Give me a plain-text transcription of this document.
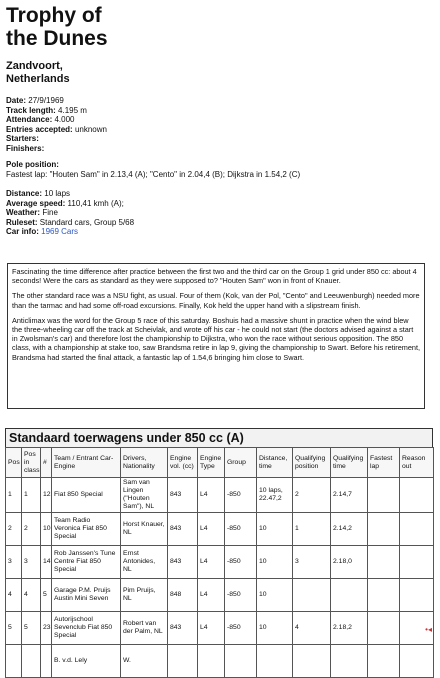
Trophy of
the Dunes
Zandvoort,
Netherlands
Date: 27/9/1969
Track length: 4.195 m
Attendance: 4.000
Entries accepted: unknown
Starters:
Finishers:
Pole position:
Fastest lap: "Houten Sam" in 2.13,4 (A); "Cento" in 2.04,4 (B); Dijkstra in 1.54,2 (C)
Distance: 10 laps
Average speed: 110,41 kmh (A);
Weather: Fine
Ruleset: Standard cars, Group 5/68
Car info: 1969 Cars

Fascinating the time difference after practice between the first two and the third car on the Group 1 grid under 850 cc: about 4 seconds! Were the cars as standard as they were supposed to? "Houten Sam" won in front of Knauer.

The other standard race was a NSU fight, as usual. Four of them (Kok, van der Pol, "Cento" and Leeuwenburgh) needed more than the tarmac and had some off-road excursions. Finally, Kok held the upper hand with a slipstream finish.

Anticlimax was the word for the Group 5 race of this saturday. Boshuis had a massive shunt in practice when the wind blew the three-wheeling car off the track at Scheivlak, and wrote off his car - he could not start (the doctors advised against a start in Zwolsman's car) and therefore lost the championship to Dijkstra, who won the race without serious opposition. The 850 class, with a championship at stake too, saw Brandsma retire in lap 9, giving the championship to Swart. Before his retirement, Brandsma had started the final attack, a fantastic lap of 1.54,6 bringing him close to Swart.

Standaard toerwagens under 850 cc (A)
Pos	Pos in class	#	Team / Entrant Car- Engine	Drivers, Nationality	Engine vol. (cc)	Engine Type	Group	Distance, time	Qualifying position	Qualifying time	Fastest lap	Reason out
1	1	12	Fiat 850 Special	Sam van Lingen ("Houten Sam"), NL	843	L4	-850	10 laps, 22.47,2	2	2.14,7		
2	2	10	Team Radio Veronica Fiat 850 Special	Horst Knauer, NL	843	L4	-850	10	1	2.14,2		
3	3	14	Rob Janssen's Tune Centre Fiat 850 Special	Ernst Antonides, NL	843	L4	-850	10	3	2.18,0		
4	4	5	Garage P.M. Pruijs Austin Mini Seven	Pim Pruijs, NL	848	L4	-850	10				
5	5	23	Autorijschool Sevenclub Fiat 850 Special	Robert van der Palm, NL	843	L4	-850	10	4	2.18,2		
			B. v.d. Lely	W.								
•◂
